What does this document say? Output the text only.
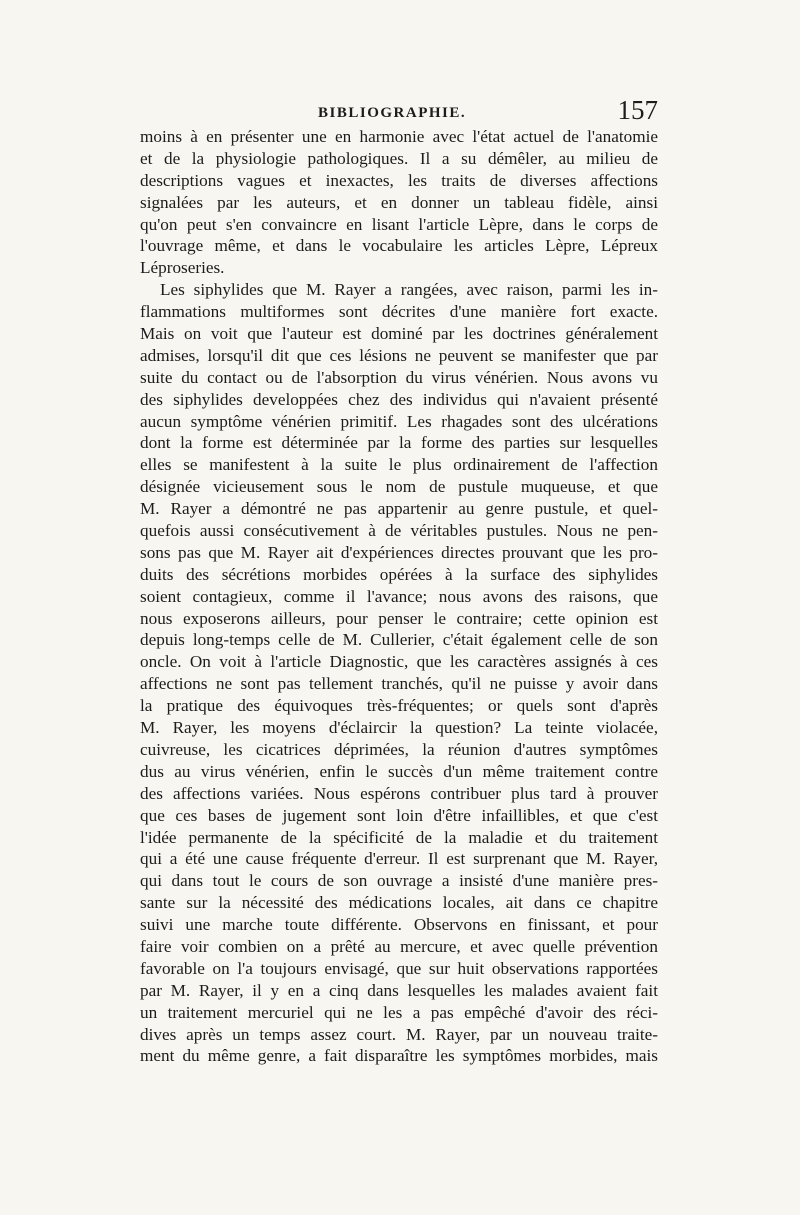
BIBLIOGRAPHIE.	157
moins à en présenter une en harmonie avec l'état actuel de l'anatomie
et de la physiologie pathologiques. Il a su démêler, au milieu de
descriptions vagues et inexactes, les traits de diverses affections
signalées par les auteurs, et en donner un tableau fidèle, ainsi
qu'on peut s'en convaincre en lisant l'article Lèpre, dans le corps de
l'ouvrage même, et dans le vocabulaire les articles Lèpre, Lépreux
Léproseries.
Les siphylides que M. Rayer a rangées, avec raison, parmi les in-
flammations multiformes sont décrites d'une manière fort exacte.
Mais on voit que l'auteur est dominé par les doctrines généralement
admises, lorsqu'il dit que ces lésions ne peuvent se manifester que par
suite du contact ou de l'absorption du virus vénérien. Nous avons vu
des siphylides developpées chez des individus qui n'avaient présenté
aucun symptôme vénérien primitif. Les rhagades sont des ulcérations
dont la forme est déterminée par la forme des parties sur lesquelles
elles se manifestent à la suite le plus ordinairement de l'affection
désignée vicieusement sous le nom de pustule muqueuse, et que
M. Rayer a démontré ne pas appartenir au genre pustule, et quel-
quefois aussi consécutivement à de véritables pustules. Nous ne pen-
sons pas que M. Rayer ait d'expériences directes prouvant que les pro-
duits des sécrétions morbides opérées à la surface des siphylides
soient contagieux, comme il l'avance; nous avons des raisons, que
nous exposerons ailleurs, pour penser le contraire; cette opinion est
depuis long-temps celle de M. Cullerier, c'était également celle de son
oncle. On voit à l'article Diagnostic, que les caractères assignés à ces
affections ne sont pas tellement tranchés, qu'il ne puisse y avoir dans
la pratique des équivoques très-fréquentes; or quels sont d'après
M. Rayer, les moyens d'éclaircir la question? La teinte violacée,
cuivreuse, les cicatrices déprimées, la réunion d'autres symptômes
dus au virus vénérien, enfin le succès d'un même traitement contre
des affections variées. Nous espérons contribuer plus tard à prouver
que ces bases de jugement sont loin d'être infaillibles, et que c'est
l'idée permanente de la spécificité de la maladie et du traitement
qui a été une cause fréquente d'erreur. Il est surprenant que M. Rayer,
qui dans tout le cours de son ouvrage a insisté d'une manière pres-
sante sur la nécessité des médications locales, ait dans ce chapitre
suivi une marche toute différente. Observons en finissant, et pour
faire voir combien on a prêté au mercure, et avec quelle prévention
favorable on l'a toujours envisagé, que sur huit observations rapportées
par M. Rayer, il y en a cinq dans lesquelles les malades avaient fait
un traitement mercuriel qui ne les a pas empêché d'avoir des réci-
dives après un temps assez court. M. Rayer, par un nouveau traite-
ment du même genre, a fait disparaître les symptômes morbides, mais
